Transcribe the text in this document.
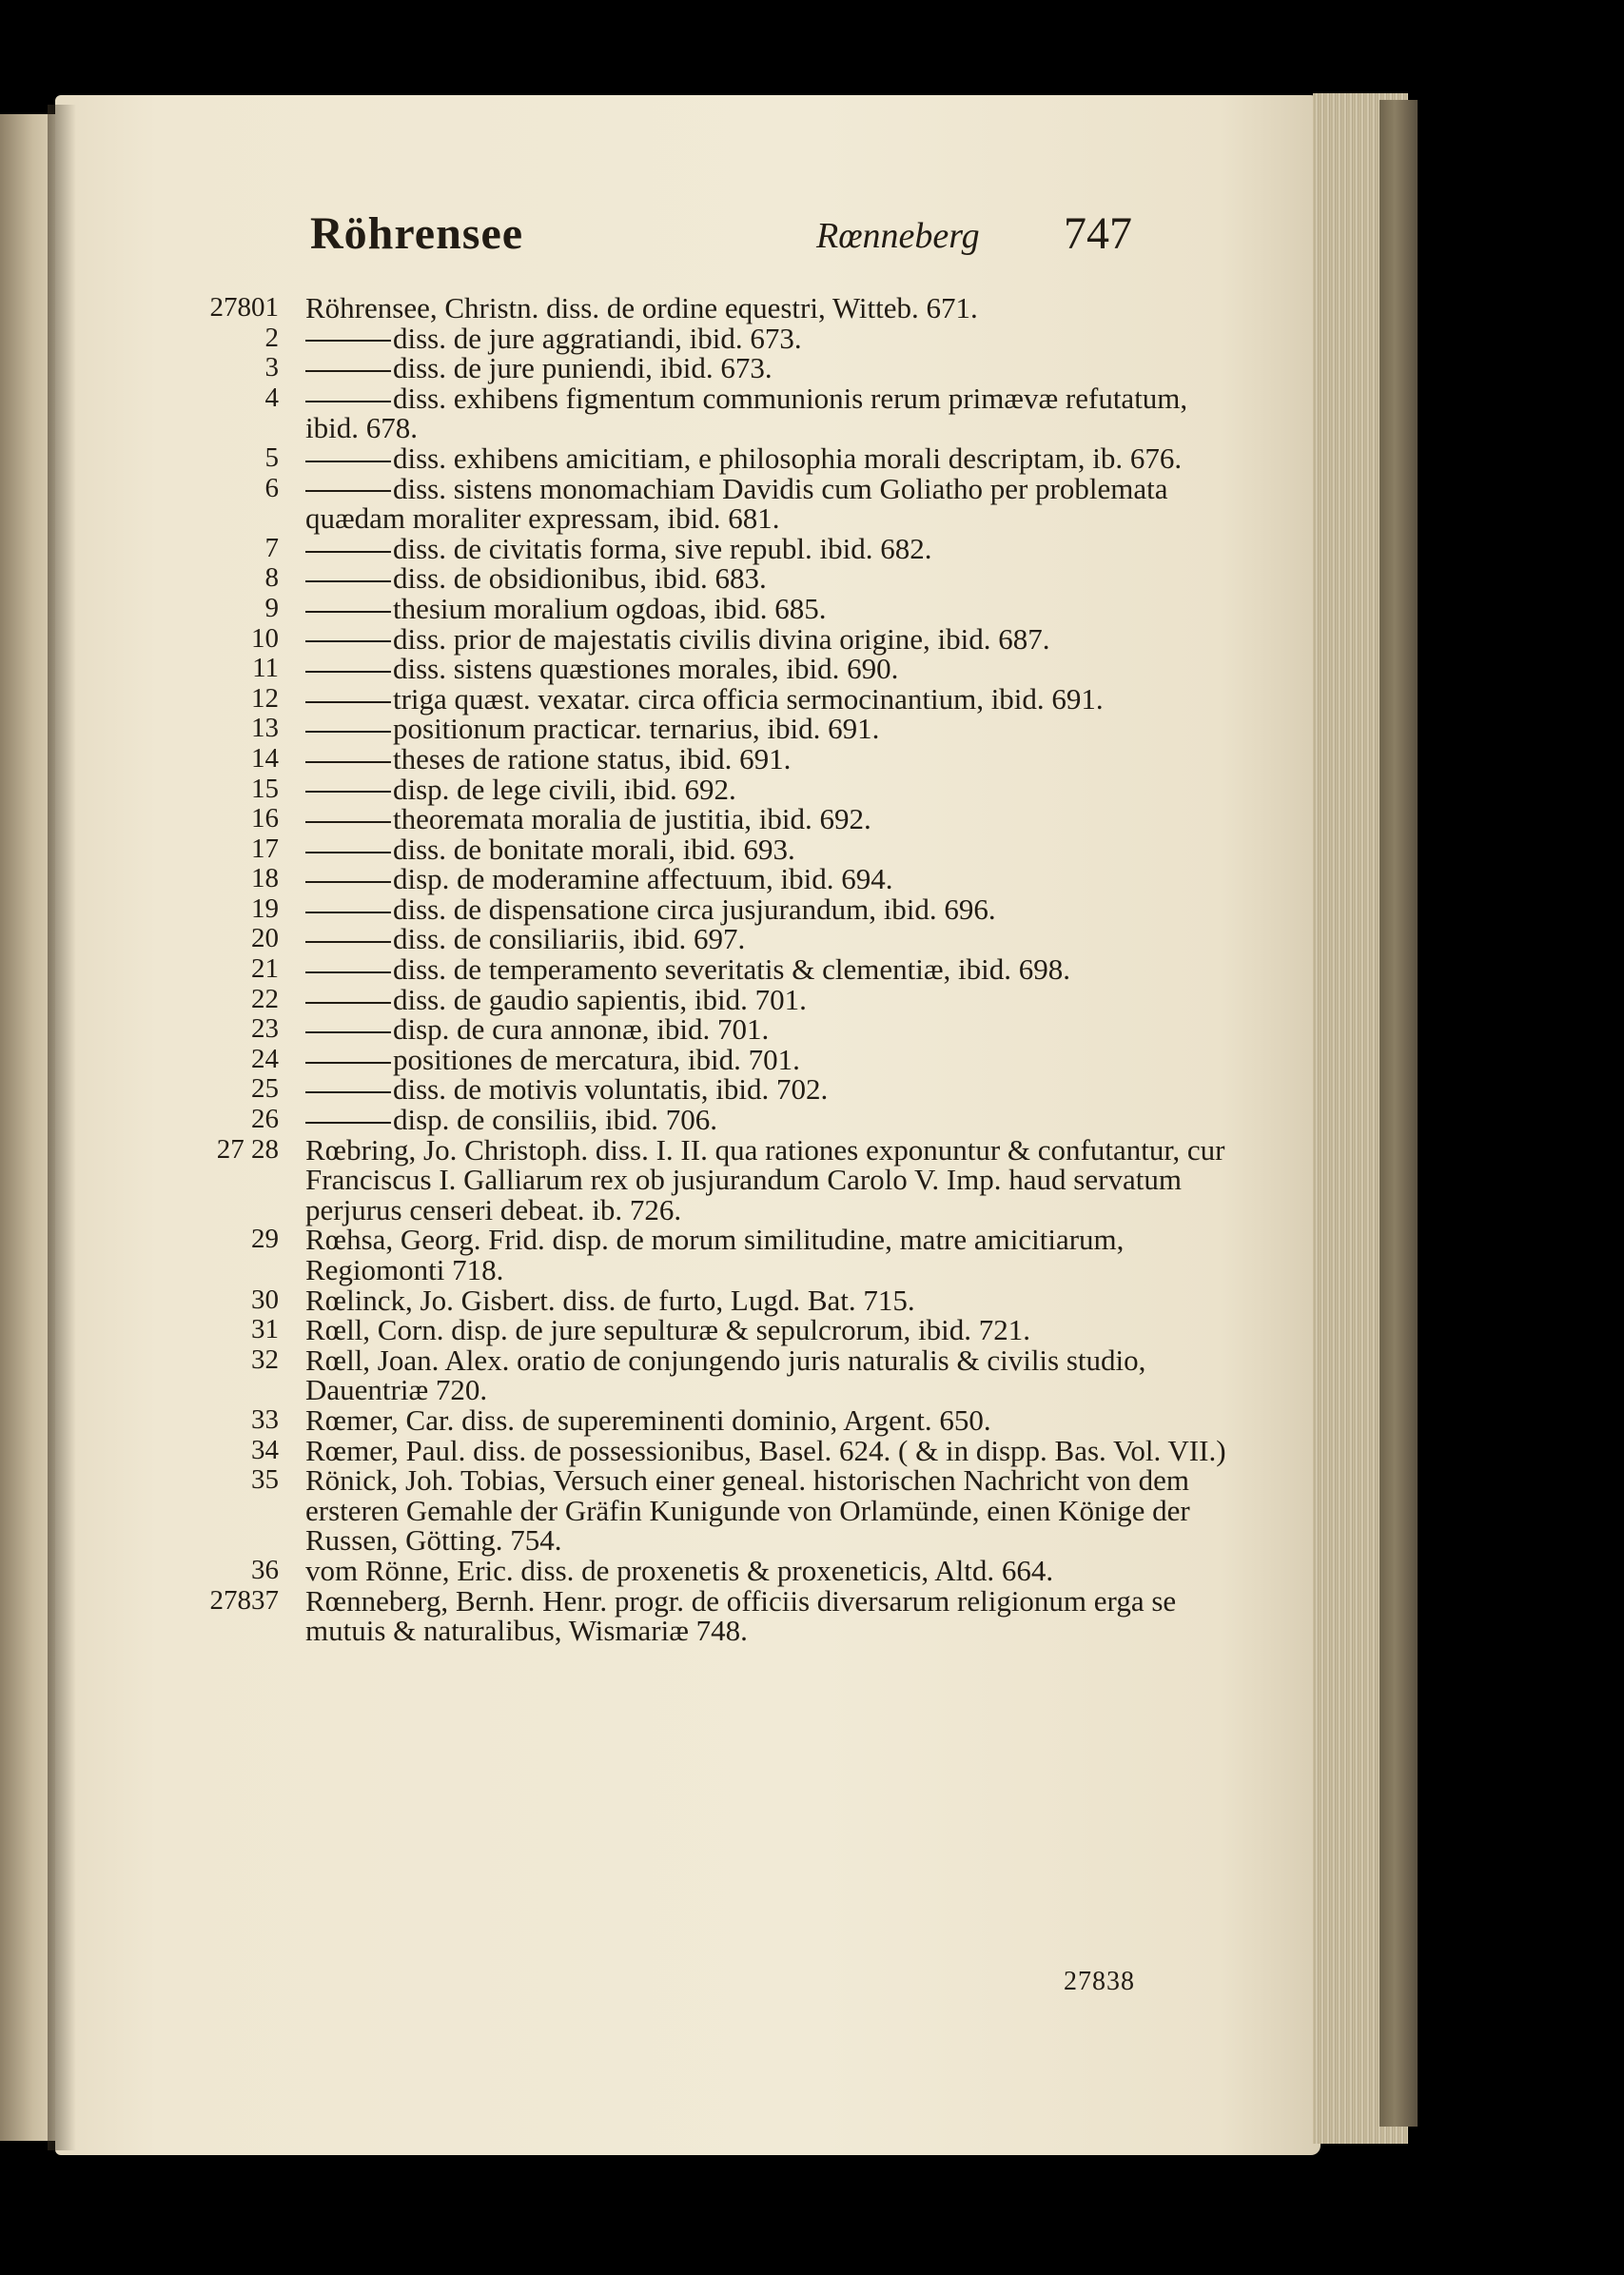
Röhrensee	Rœnneberg 747
27801 Röhrensee, Christn. diss. de ordine equestri, Witteb. 671.
2	diss. de jure aggratiandi, ibid. 673.
3	diss. de jure puniendi, ibid. 673.
4	diss. exhibens figmentum communionis rerum primævæ refutatum, ibid. 678.
5	diss. exhibens amicitiam, e philosophia morali descriptam, ib. 676.
6	diss. sistens monomachiam Davidis cum Goliatho per problemata quædam moraliter expressam, ibid. 681.
7	diss. de civitatis forma, sive republ. ibid. 682.
8	diss. de obsidionibus, ibid. 683.
9	thesium moralium ogdoas, ibid. 685.
10	diss. prior de majestatis civilis divina origine, ibid. 687.
11	diss. sistens quæstiones morales, ibid. 690.
12	triga quæst. vexatar. circa officia sermocinantium, ibid. 691.
13	positionum practicar. ternarius, ibid. 691.
14	theses de ratione status, ibid. 691.
15	disp. de lege civili, ibid. 692.
16	theoremata moralia de justitia, ibid. 692.
17	diss. de bonitate morali, ibid. 693.
18	disp. de moderamine affectuum, ibid. 694.
19	diss. de dispensatione circa jusjurandum, ibid. 696.
20	diss. de consiliariis, ibid. 697.
21	diss. de temperamento severitatis & clementiæ, ibid. 698.
22	diss. de gaudio sapientis, ibid. 701.
23	disp. de cura annonæ, ibid. 701.
24	positiones de mercatura, ibid. 701.
25	diss. de motivis voluntatis, ibid. 702.
26	disp. de consiliis, ibid. 706.
27 28 Rœbring, Jo. Christoph. diss. I. II. qua rationes exponuntur & confutantur, cur Franciscus I. Galliarum rex ob jusjurandum Carolo V. Imp. haud servatum perjurus censeri debeat. ib. 726.
29 Rœhsa, Georg. Frid. disp. de morum similitudine, matre amicitiarum, Regiomonti 718.
30 Rœlinck, Jo. Gisbert. diss. de furto, Lugd. Bat. 715.
31 Rœll, Corn. disp. de jure sepulturæ & sepulcrorum, ibid. 721.
32 Rœll, Joan. Alex. oratio de conjungendo juris naturalis & civilis studio, Dauentriæ 720.
33 Rœmer, Car. diss. de supereminenti dominio, Argent. 650.
34 Rœmer, Paul. diss. de possessionibus, Basel. 624. ( & in dispp. Bas. Vol. VII.)
35 Rönick, Joh. Tobias, Versuch einer geneal. historischen Nachricht von dem ersteren Gemahle der Gräfin Kunigunde von Orlamünde, einen Könige der Russen, Götting. 754.
36 vom Rönne, Eric. diss. de proxenetis & proxeneticis, Altd. 664.
27837 Rœnneberg, Bernh. Henr. progr. de officiis diversarum religionum erga se mutuis & naturalibus, Wismariæ 748.
27838
